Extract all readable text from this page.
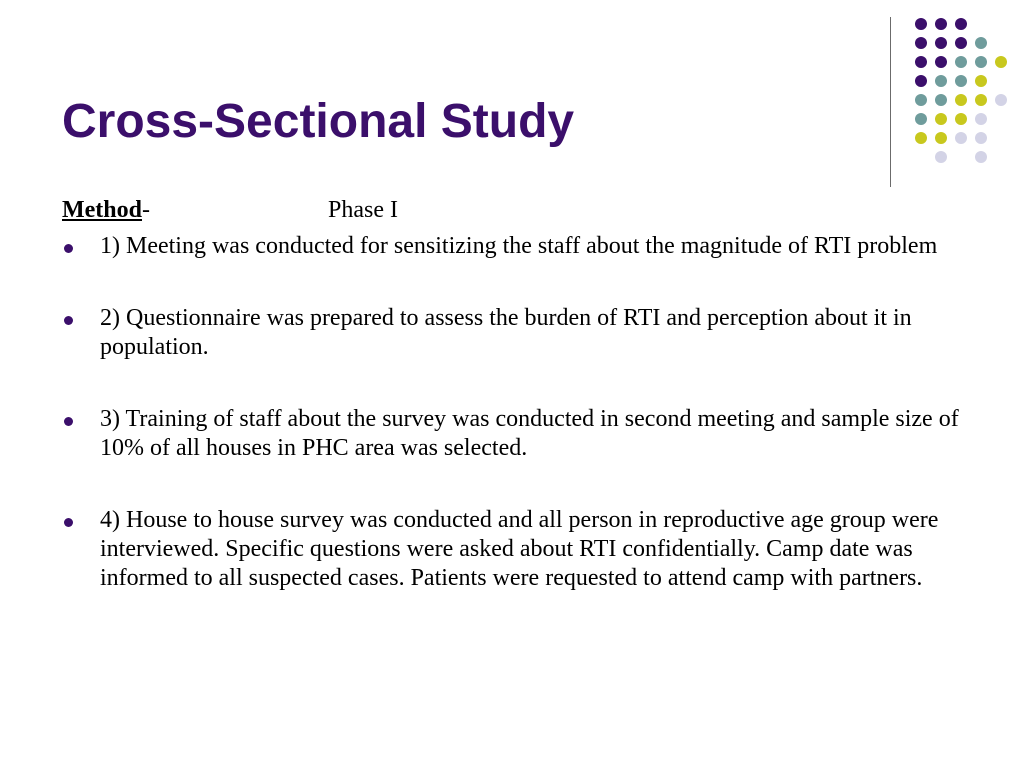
Cross-Sectional Study
Method-	Phase I
1) Meeting was conducted for sensitizing the staff about the magnitude of RTI problem
2) Questionnaire was prepared to assess the burden of RTI and perception about it in population.
3) Training of staff about the survey was conducted in second meeting and sample size of 10% of all houses in PHC area was selected.
4) House to house survey was conducted and all person in reproductive age group were interviewed. Specific questions were asked about RTI confidentially. Camp date was informed to all suspected cases. Patients were requested to attend camp with partners.
